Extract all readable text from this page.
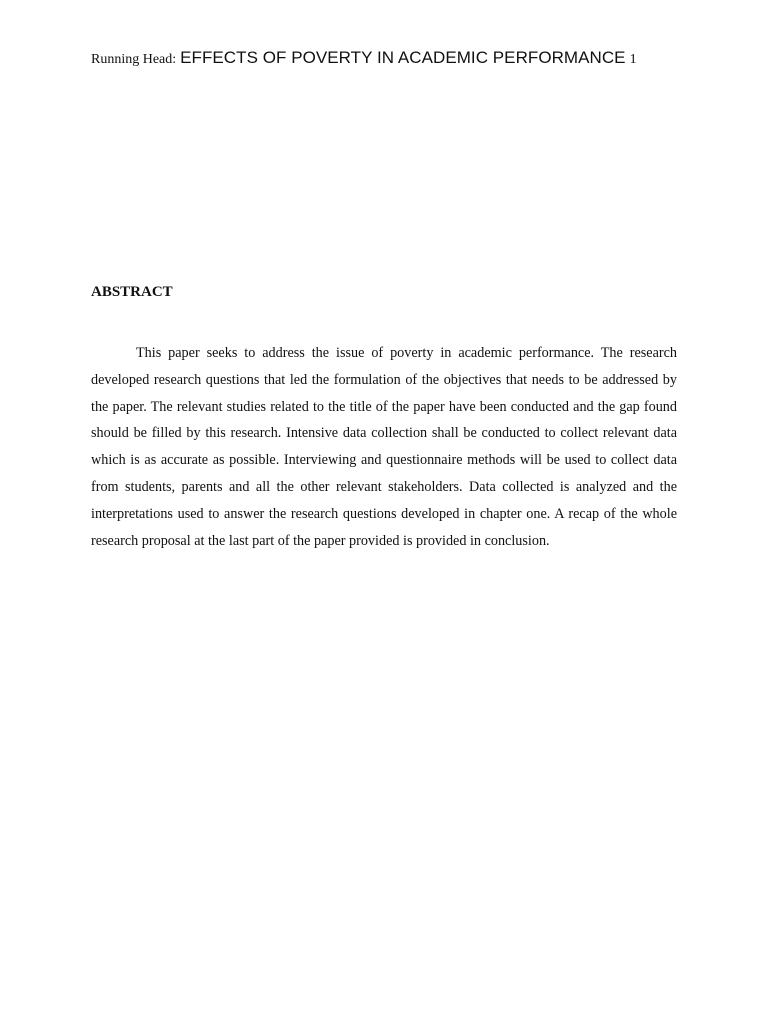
Running Head: EFFECTS OF POVERTY IN ACADEMIC PERFORMANCE 1
ABSTRACT

This paper seeks to address the issue of poverty in academic performance. The research developed research questions that led the formulation of the objectives that needs to be addressed by the paper. The relevant studies related to the title of the paper have been conducted and the gap found should be filled by this research. Intensive data collection shall be conducted to collect relevant data which is as accurate as possible. Interviewing and questionnaire methods will be used to collect data from students, parents and all the other relevant stakeholders. Data collected is analyzed and the interpretations used to answer the research questions developed in chapter one. A recap of the whole research proposal at the last part of the paper provided is provided in conclusion.
